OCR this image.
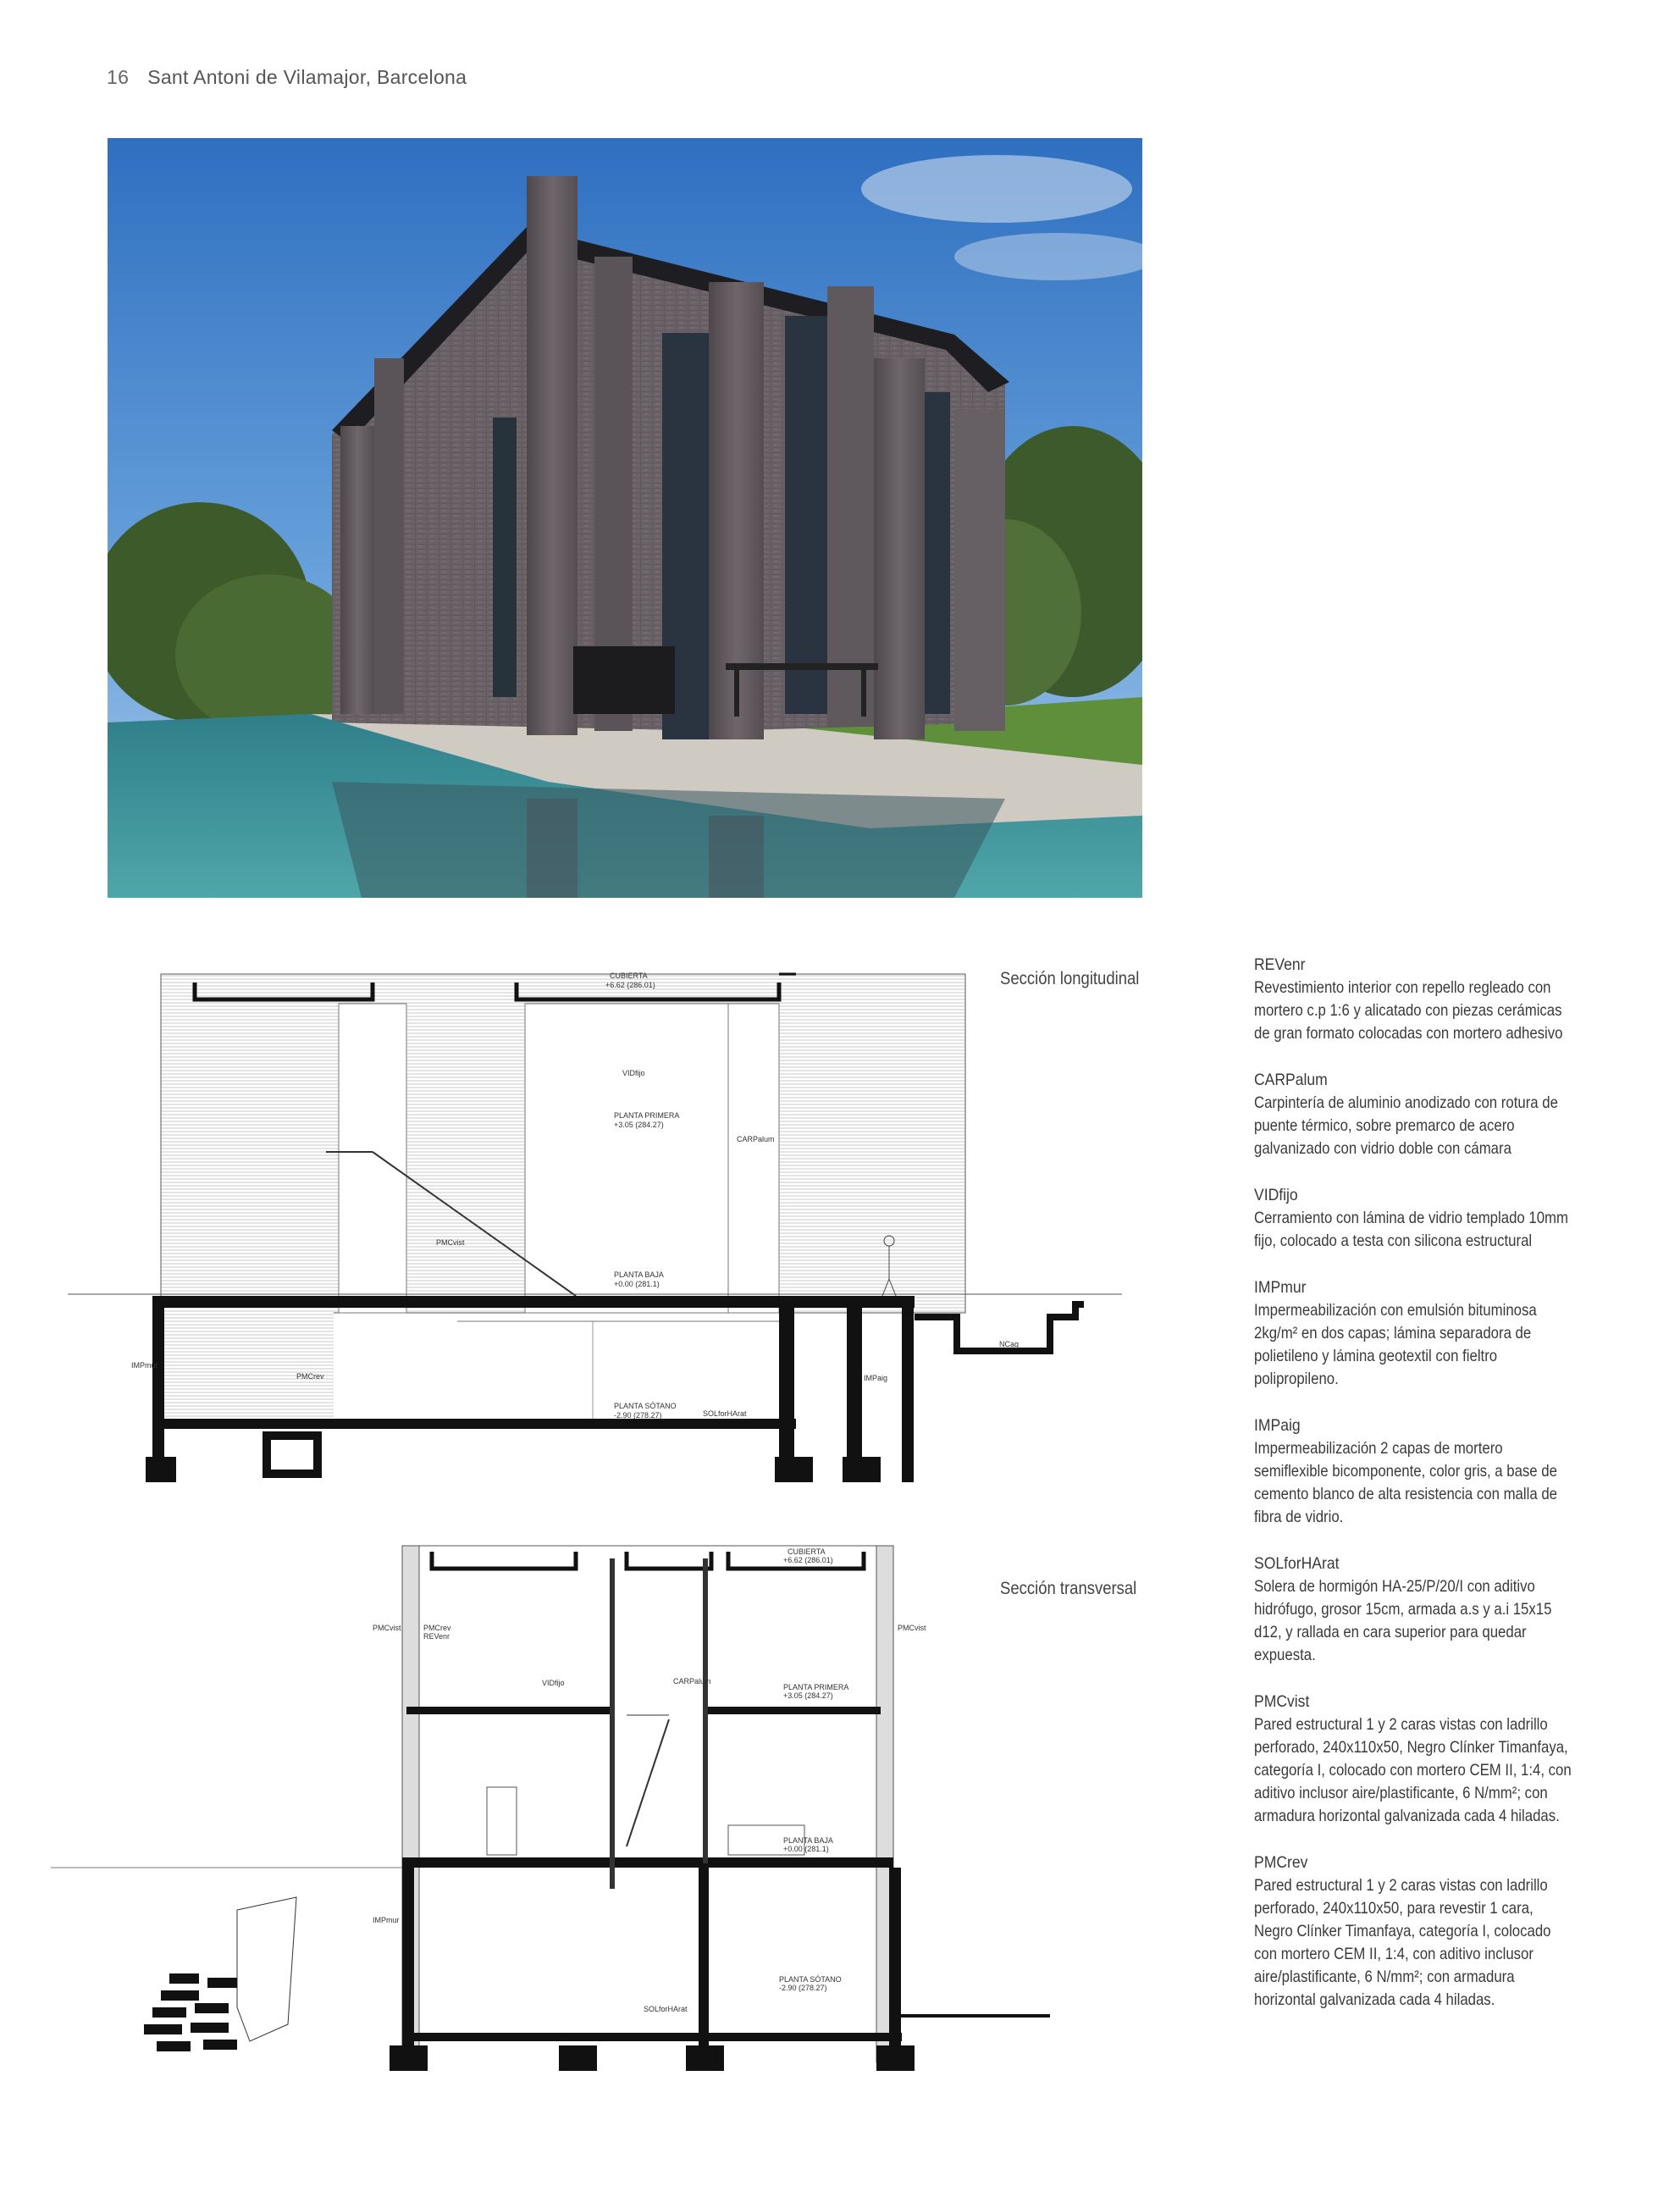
16 Sant Antoni de Vilamajor, Barcelona
Sección longitudinal
Sección transversal
CUBIERTA
+6.62 (286.01)
VIDfijo
PLANTA PRIMERA
+3.05 (284.27)
CARPalum
PMCvist
PLANTA BAJA
+0.00 (281.1)
PLANTA SÓTANO
-2.90 (278.27)	SOLforHArat
PMCrev
IMPmur
IMPaig
NCag
CUBIERTA
+6.62 (286.01)
PLANTA PRIMERA
+3.05 (284.27)
PLANTA BAJA
+0.00 (281.1)
PLANTA SÓTANO
-2.90 (278.27)
PMCvist	PMCvist
PMCrev
REVenr
VIDfijo	CARPalum
IMPmur
SOLforHArat
REVenr
Revestimiento interior con repello regleado con mortero c.p 1:6 y alicatado con piezas cerámicas de gran formato colocadas con mortero adhesivo
CARPalum
Carpintería de aluminio anodizado con rotura de puente térmico, sobre premarco de acero galvanizado con vidrio doble con cámara
VIDfijo
Cerramiento con lámina de vidrio templado 10mm fijo, colocado a testa con silicona estructural
IMPmur
Impermeabilización con emulsión bituminosa 2kg/m² en dos capas; lámina separadora de polietileno y lámina geotextil con fieltro polipropileno.
IMPaig
Impermeabilización 2 capas de mortero semiflexible bicomponente, color gris, a base de cemento blanco de alta resistencia con malla de fibra de vidrio.
SOLforHArat
Solera de hormigón HA-25/P/20/I con aditivo hidrófugo, grosor 15cm, armada a.s y a.i 15x15 d12, y rallada en cara superior para quedar expuesta.
PMCvist
Pared estructural 1 y 2 caras vistas con ladrillo perforado, 240x110x50, Negro Clínker Timanfaya, categoría I, colocado con mortero CEM II, 1:4, con aditivo inclusor aire/plastificante, 6 N/mm²; con armadura horizontal galvanizada cada 4 hiladas.
PMCrev
Pared estructural 1 y 2 caras vistas con ladrillo perforado, 240x110x50, para revestir 1 cara, Negro Clínker Timanfaya, categoría I, colocado con mortero CEM II, 1:4, con aditivo inclusor aire/plastificante, 6 N/mm²; con armadura horizontal galvanizada cada 4 hiladas.
